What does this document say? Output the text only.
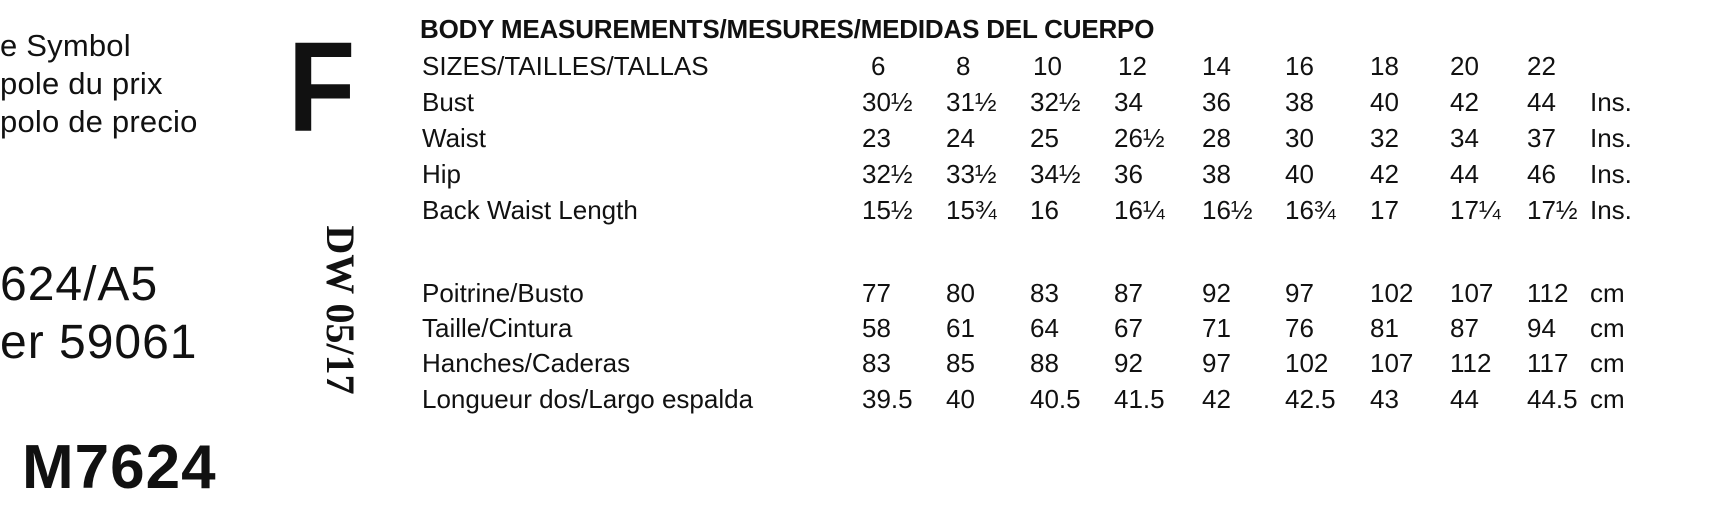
e Symbol
pole du prix
polo de precio F
624/A5
er 59061
M7624
DW 05/17
BODY MEASUREMENTS/MESURES/MEDIDAS DEL CUERPO
SIZES/TAILLES/TALLAS	6	8 10 12 14 16 18 20 22
Bust	30½ 31½ 32½ 34 36 38 40 42 44 Ins.
Waist	23 24 25 26½ 28 30 32 34 37 Ins.
Hip	32½ 33½ 34½ 36 38 40 42 44 46 Ins.
Back Waist Length	15½ 15¾ 16 16¼ 16½ 16¾ 17 17¼ 17½ Ins.
Poitrine/Busto	77 80 83 87 92 97 102 107 112 cm
Taille/Cintura	58 61 64 67 71 76 81 87 94 cm
Hanches/Caderas	83 85 88 92 97 102 107 112 117 cm
Longueur dos/Largo espalda	39.5 40 40.5 41.5 42 42.5 43 44 44.5 cm
